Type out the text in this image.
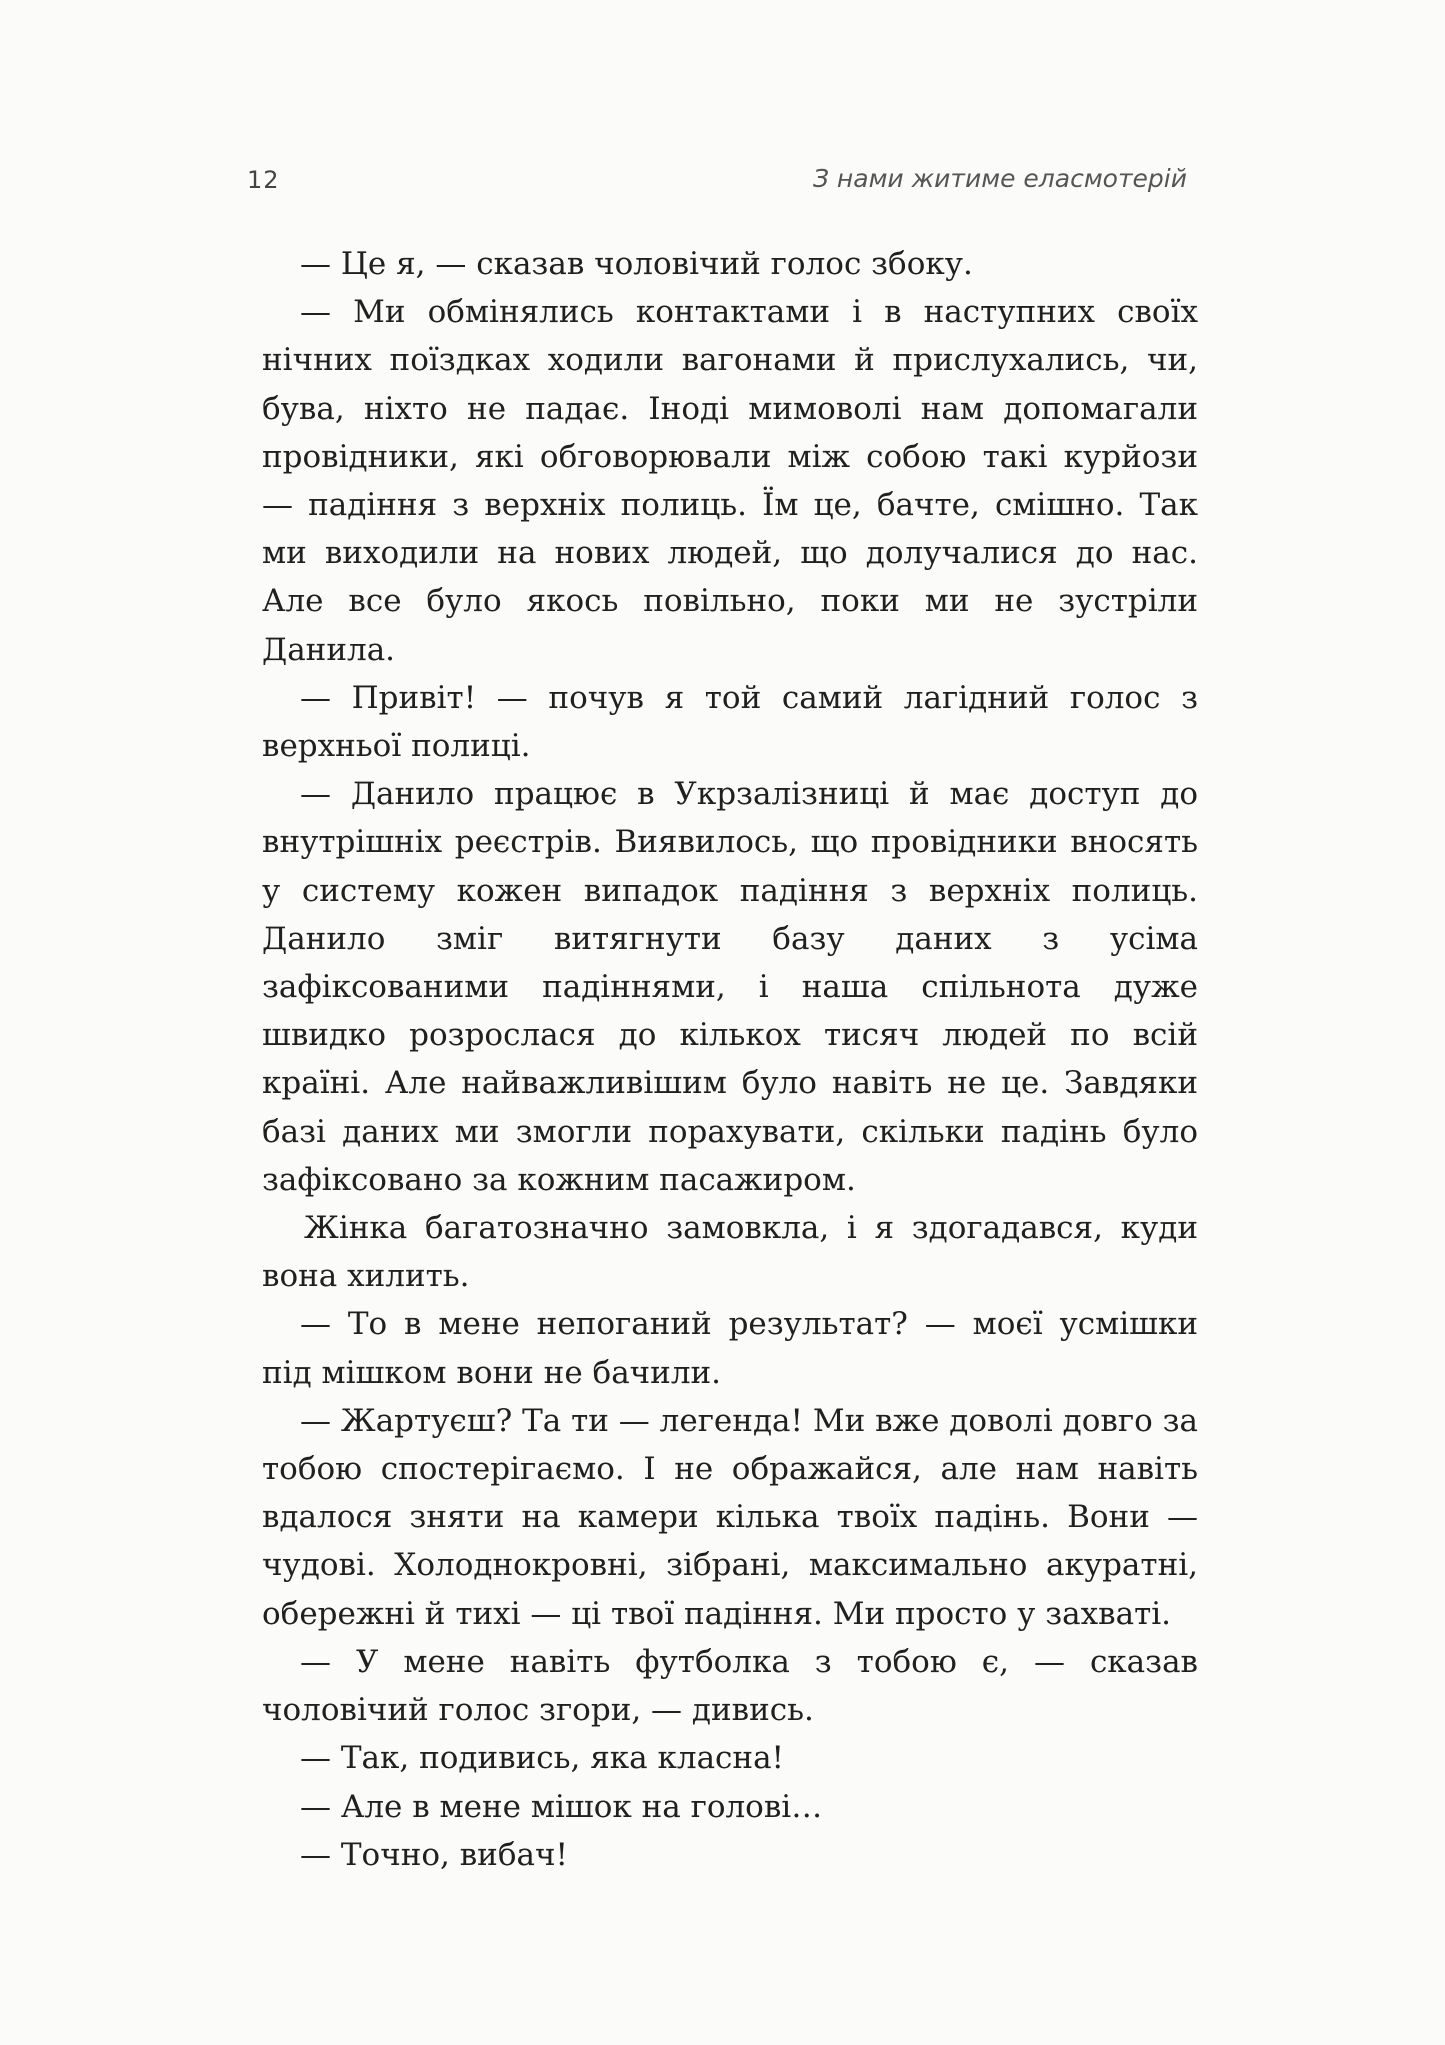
12	З нами житиме еласмотерій

— Це я, — сказав чоловічий голос збоку.

— Ми обмінялись контактами і в наступних своїх нічних поїздках ходили вагонами й прислухались, чи, бува, ніхто не падає. Іноді мимоволі нам допомагали провідники, які обговорювали між собою такі курйози — падіння з верхніх полиць. Їм це, бачте, смішно. Так ми виходили на нових людей, що долучалися до нас. Але все було якось повільно, поки ми не зустріли Данила.

— Привіт! — почув я той самий лагідний голос з верхньої полиці.

— Данило працює в Укрзалізниці й має доступ до внутрішніх реєстрів. Виявилось, що провідники вносять у систему кожен випадок падіння з верхніх полиць. Данило зміг витягнути базу даних з усіма зафіксованими падіннями, і наша спільнота дуже швидко розрослася до кількох тисяч людей по всій країні. Але найважливішим було навіть не це. Завдяки базі даних ми змогли порахувати, скільки падінь було зафіксовано за кожним пасажиром.

Жінка багатозначно замовкла, і я здогадався, куди вона хилить.

— То в мене непоганий результат? — моєї усмішки під мішком вони не бачили.

— Жартуєш? Та ти — легенда! Ми вже доволі довго за тобою спостерігаємо. І не ображайся, але нам навіть вдалося зняти на камери кілька твоїх падінь. Вони — чудові. Холоднокровні, зібрані, максимально акуратні, обережні й тихі — ці твої падіння. Ми просто у захваті.

— У мене навіть футболка з тобою є, — сказав чоловічий голос згори, — дивись.

— Так, подивись, яка класна!

— Але в мене мішок на голові…

— Точно, вибач!
